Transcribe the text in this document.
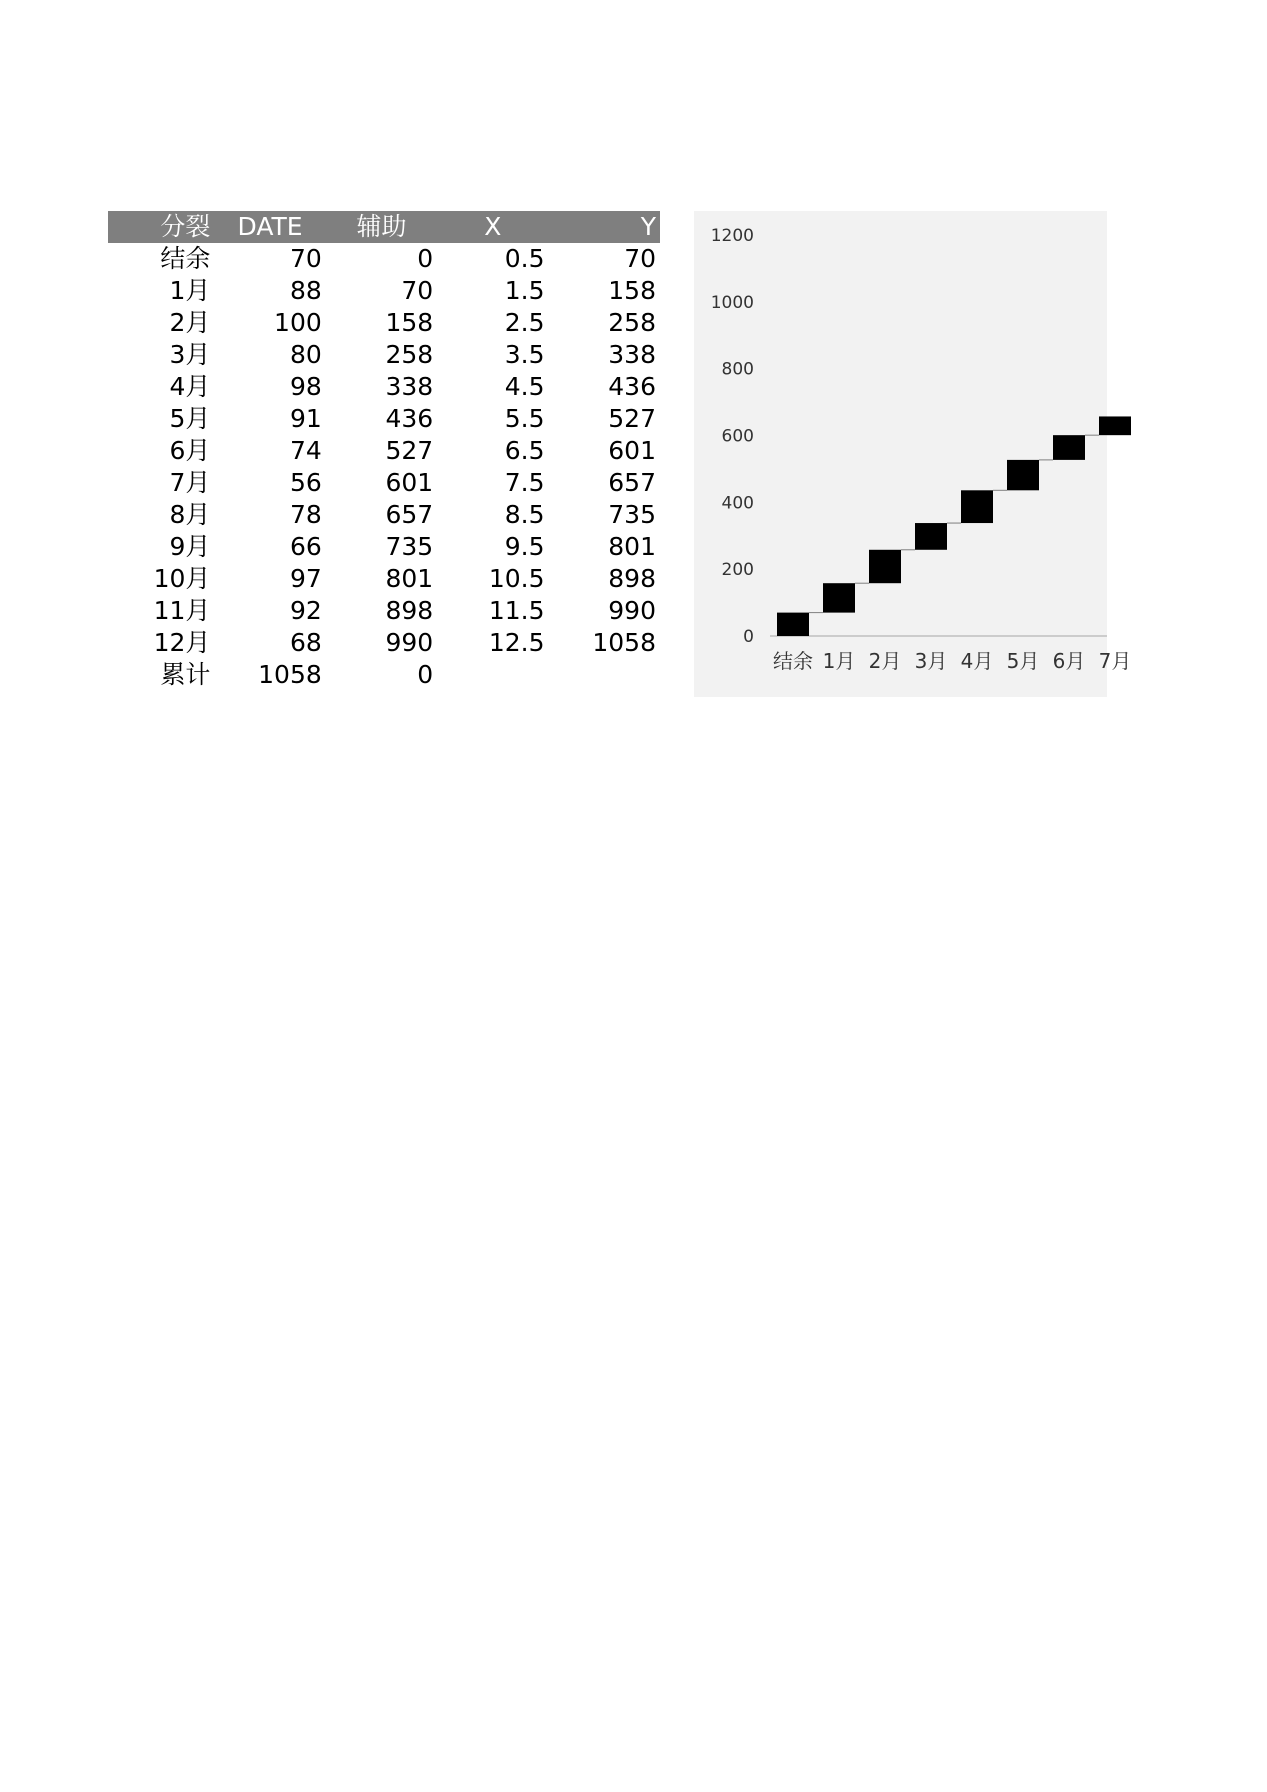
分裂	DATE	辅助	X	Y
结余	70	0	0.5	70
1月	88	70	1.5	158
2月	100	158	2.5	258
3月	80	258	3.5	338
4月	98	338	4.5	436
5月	91	436	5.5	527
6月	74	527	6.5	601
7月	56	601	7.5	657
8月	78	657	8.5	735
9月	66	735	9.5	801
10月	97	801	10.5	898
11月	92	898	11.5	990
12月	68	990	12.5	1058
累计	1058	0		
0
200
400
600
800
1000
1200
结余 1月 2月 3月 4月 5月 6月 7月
